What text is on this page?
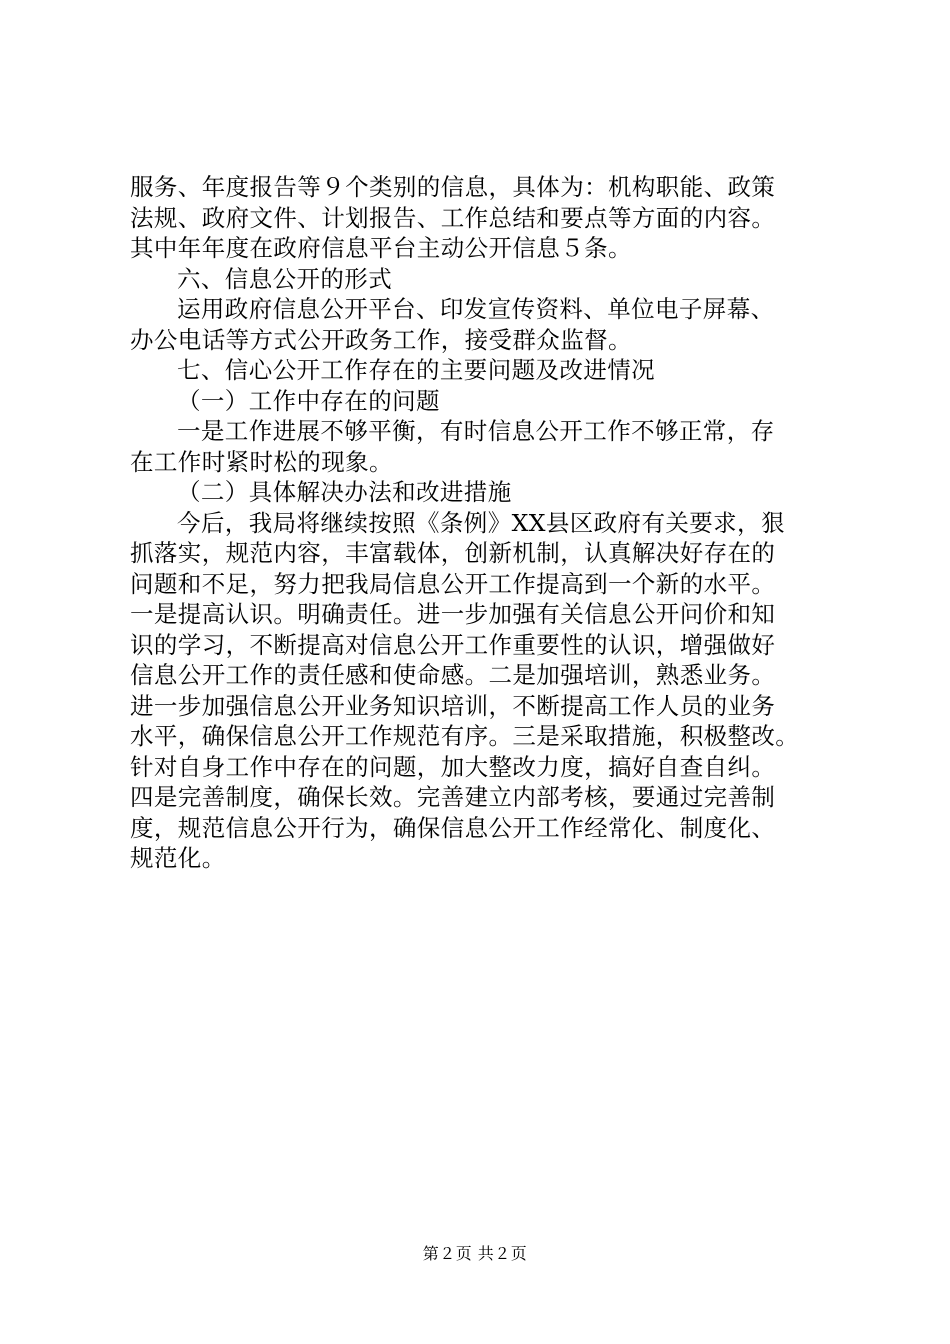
服务、年度报告等９个类别的信息，具体为：机构职能、政策
法规、政府文件、计划报告、工作总结和要点等方面的内容。
其中年年度在政府信息平台主动公开信息５条。
六、信息公开的形式
运用政府信息公开平台、印发宣传资料、单位电子屏幕、
办公电话等方式公开政务工作，接受群众监督。
七、信心公开工作存在的主要问题及改进情况
（一）工作中存在的问题
一是工作进展不够平衡，有时信息公开工作不够正常，存
在工作时紧时松的现象。
（二）具体解决办法和改进措施
今后，我局将继续按照《条例》XX县区政府有关要求，狠
抓落实，规范内容，丰富载体，创新机制，认真解决好存在的
问题和不足，努力把我局信息公开工作提高到一个新的水平。
一是提高认识。明确责任。进一步加强有关信息公开问价和知
识的学习，不断提高对信息公开工作重要性的认识，增强做好
信息公开工作的责任感和使命感。二是加强培训，熟悉业务。
进一步加强信息公开业务知识培训，不断提高工作人员的业务
水平，确保信息公开工作规范有序。三是采取措施，积极整改。
针对自身工作中存在的问题，加大整改力度，搞好自查自纠。
四是完善制度，确保长效。完善建立内部考核，要通过完善制
度，规范信息公开行为，确保信息公开工作经常化、制度化、
规范化。
第２页 共２页
